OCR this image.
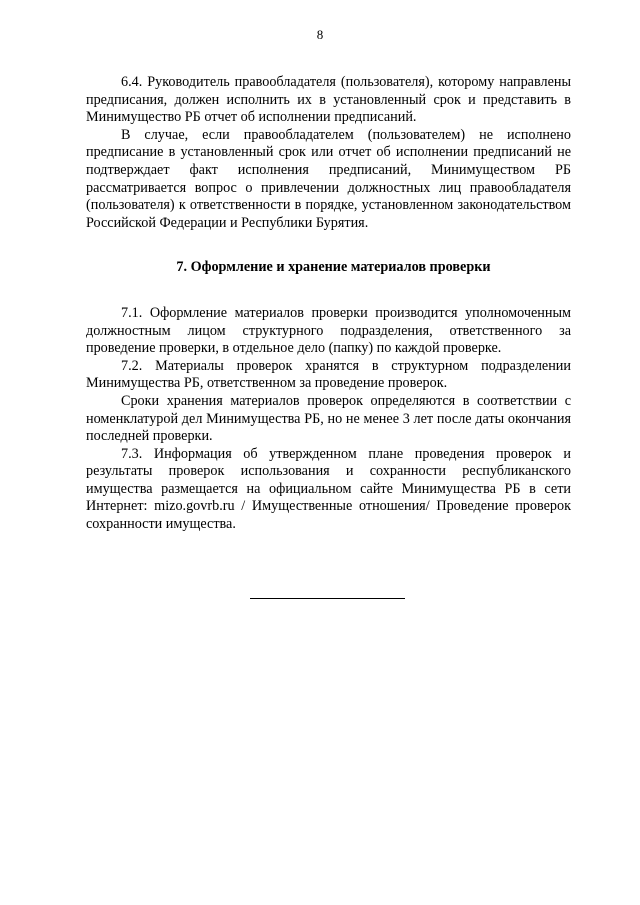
8

6.4. Руководитель правообладателя (пользователя), которому направлены предписания, должен исполнить их в установленный срок и представить в Минимущество РБ отчет об исполнении предписаний.

В случае, если правообладателем (пользователем) не исполнено предписание в установленный срок или отчет об исполнении предписаний не подтверждает факт исполнения предписаний, Минимуществом РБ рассматривается вопрос о привлечении должностных лиц правообладателя (пользователя) к ответственности в порядке, установленном законодательством Российской Федерации и Республики Бурятия.

7. Оформление и хранение материалов проверки

7.1. Оформление материалов проверки производится уполномоченным должностным лицом структурного подразделения, ответственного за проведение проверки, в отдельное дело (папку) по каждой проверке.

7.2. Материалы проверок хранятся в структурном подразделении Минимущества РБ, ответственном за проведение проверок.

Сроки хранения материалов проверок определяются в соответствии с номенклатурой дел Минимущества РБ, но не менее 3 лет после даты окончания последней проверки.

7.3. Информация об утвержденном плане проведения проверок и результаты проверок использования и сохранности республиканского имущества размещается на официальном сайте Минимущества РБ в сети Интернет: mizo.govrb.ru / Имущественные отношения/ Проведение проверок сохранности имущества.
